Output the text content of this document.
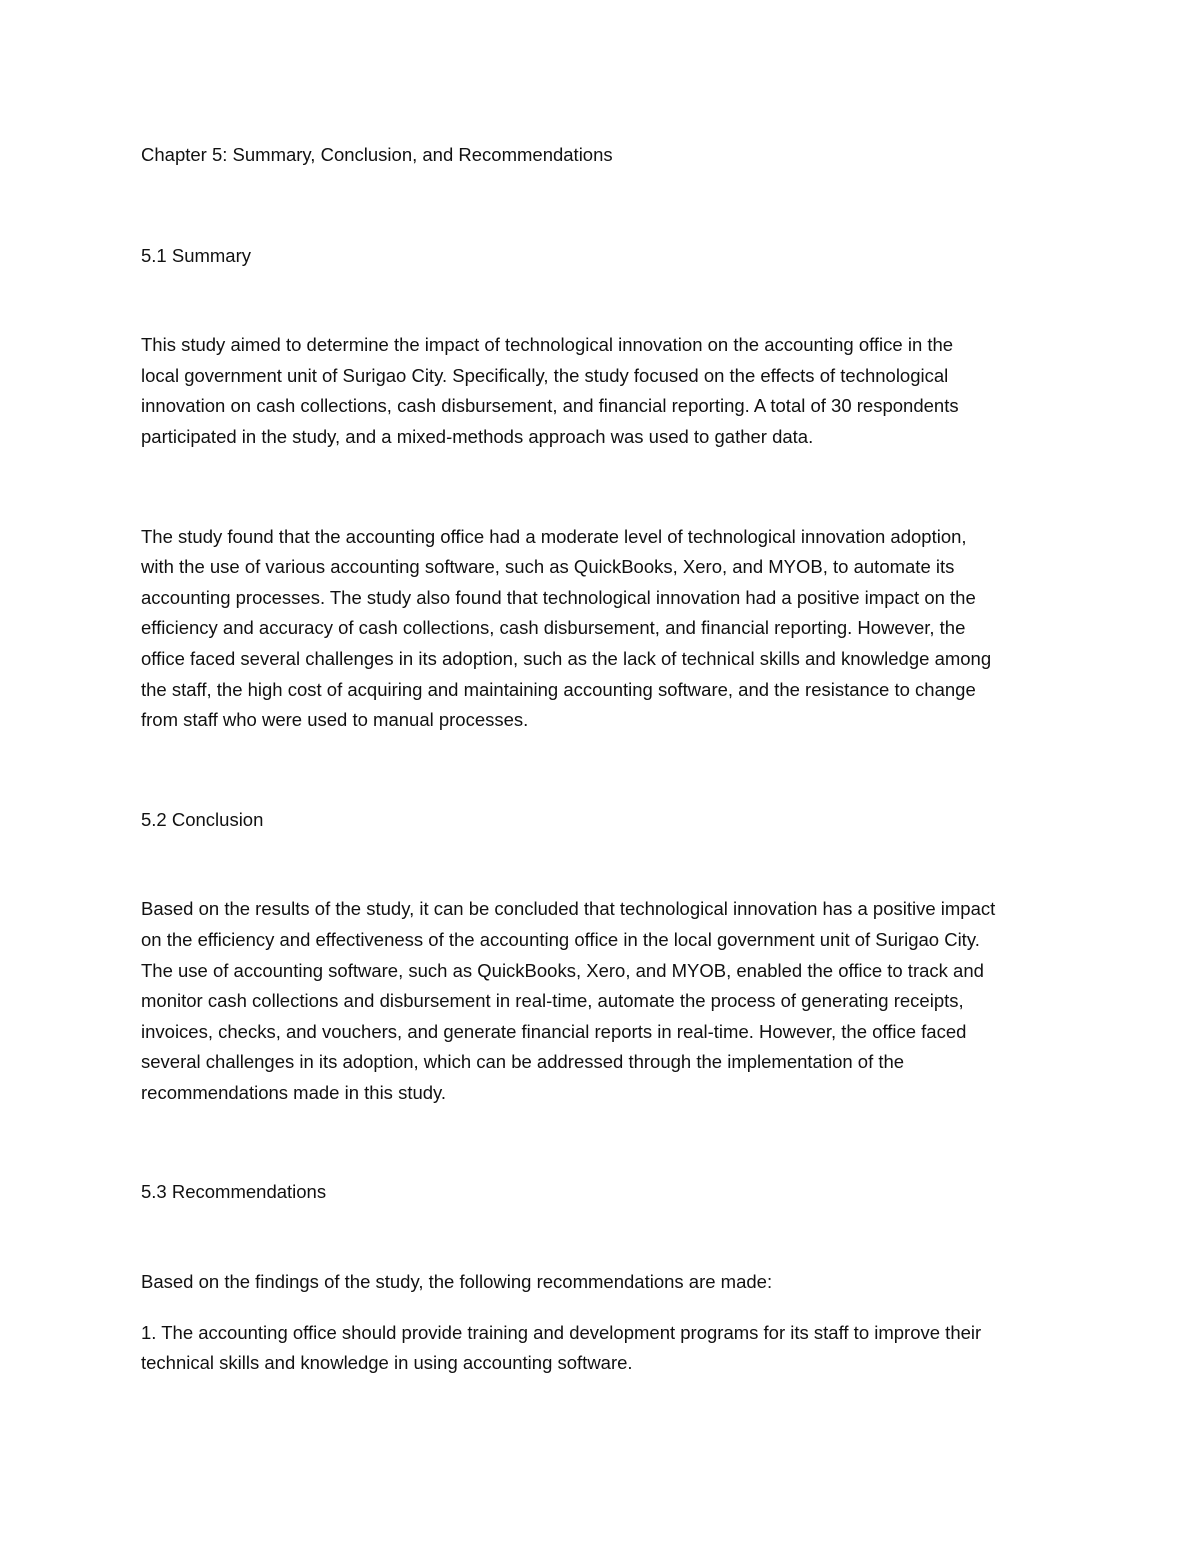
Chapter 5: Summary, Conclusion, and Recommendations

5.1 Summary

This study aimed to determine the impact of technological innovation on the accounting office in the
local government unit of Surigao City. Specifically, the study focused on the effects of technological
innovation on cash collections, cash disbursement, and financial reporting. A total of 30 respondents
participated in the study, and a mixed-methods approach was used to gather data.

The study found that the accounting office had a moderate level of technological innovation adoption,
with the use of various accounting software, such as QuickBooks, Xero, and MYOB, to automate its
accounting processes. The study also found that technological innovation had a positive impact on the
efficiency and accuracy of cash collections, cash disbursement, and financial reporting. However, the
office faced several challenges in its adoption, such as the lack of technical skills and knowledge among
the staff, the high cost of acquiring and maintaining accounting software, and the resistance to change
from staff who were used to manual processes.

5.2 Conclusion

Based on the results of the study, it can be concluded that technological innovation has a positive impact
on the efficiency and effectiveness of the accounting office in the local government unit of Surigao City.
The use of accounting software, such as QuickBooks, Xero, and MYOB, enabled the office to track and
monitor cash collections and disbursement in real-time, automate the process of generating receipts,
invoices, checks, and vouchers, and generate financial reports in real-time. However, the office faced
several challenges in its adoption, which can be addressed through the implementation of the
recommendations made in this study.

5.3 Recommendations

Based on the findings of the study, the following recommendations are made:

1. The accounting office should provide training and development programs for its staff to improve their
technical skills and knowledge in using accounting software.
